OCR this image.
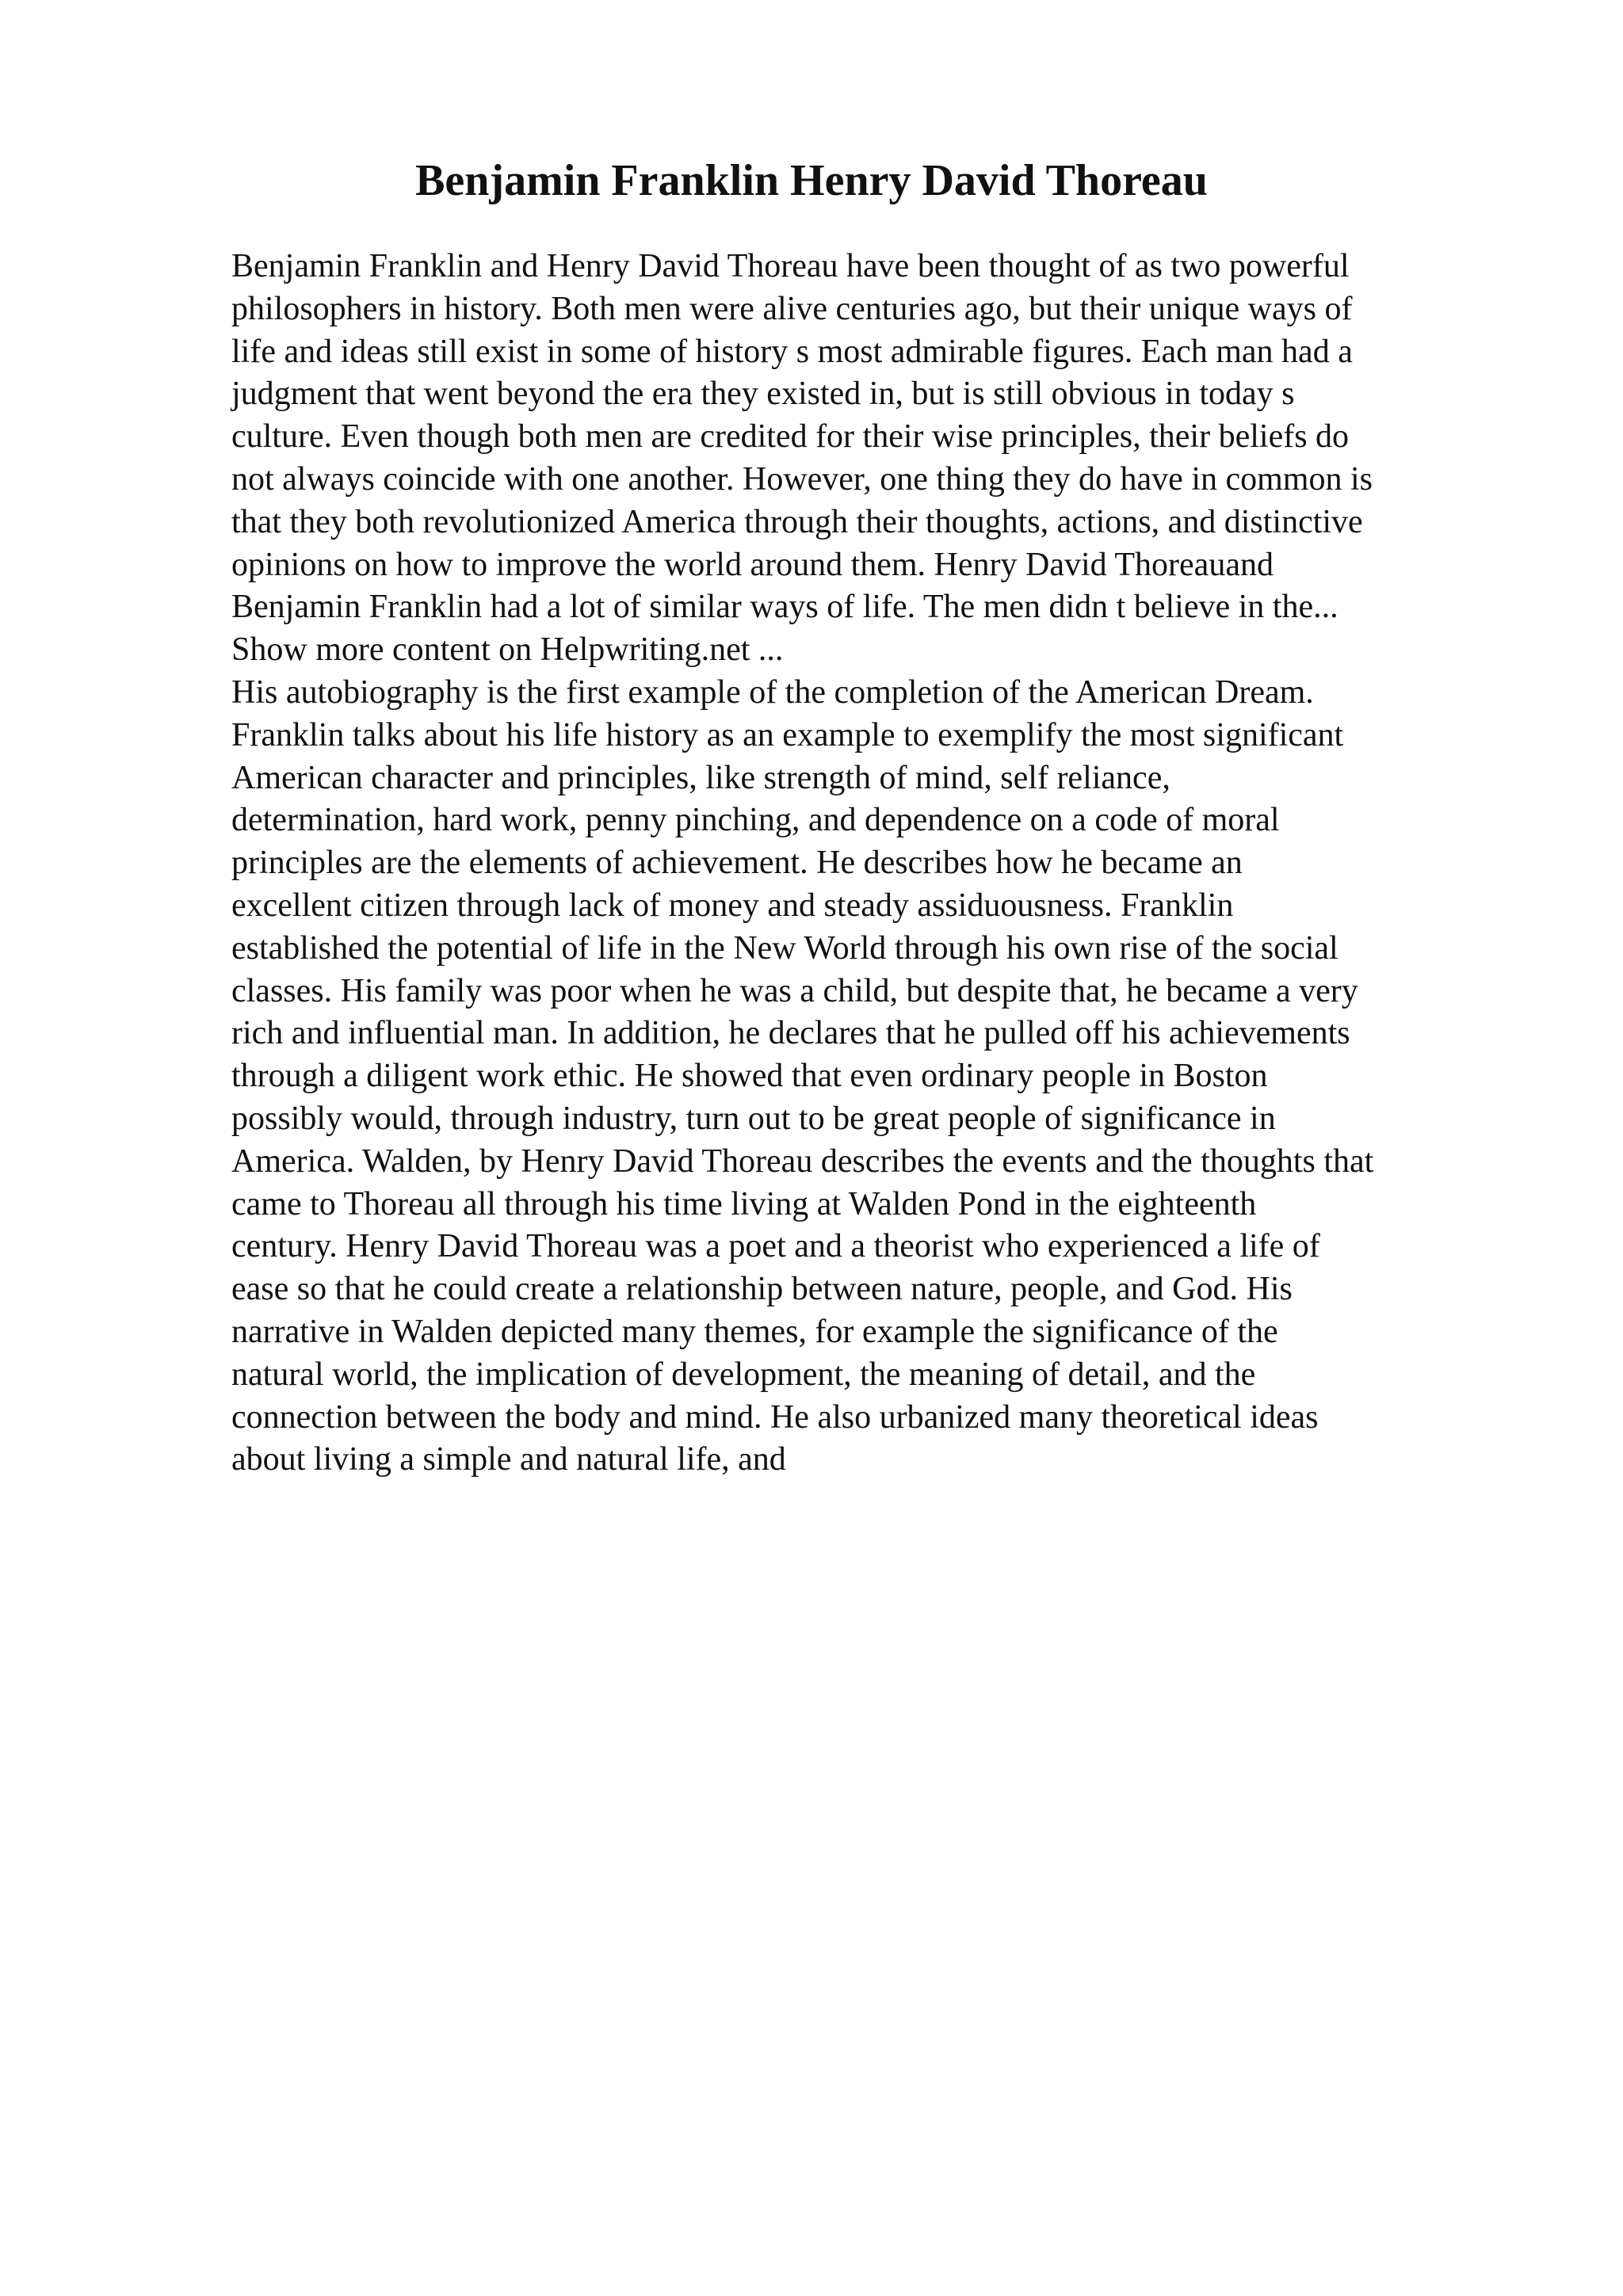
Benjamin Franklin Henry David Thoreau
Benjamin Franklin and Henry David Thoreau have been thought of as two powerful
philosophers in history. Both men were alive centuries ago, but their unique ways of
life and ideas still exist in some of history s most admirable figures. Each man had a
judgment that went beyond the era they existed in, but is still obvious in today s
culture. Even though both men are credited for their wise principles, their beliefs do
not always coincide with one another. However, one thing they do have in common is
that they both revolutionized America through their thoughts, actions, and distinctive
opinions on how to improve the world around them. Henry David Thoreauand
Benjamin Franklin had a lot of similar ways of life. The men didn t believe in the...
Show more content on Helpwriting.net ...
His autobiography is the first example of the completion of the American Dream.
Franklin talks about his life history as an example to exemplify the most significant
American character and principles, like strength of mind, self reliance,
determination, hard work, penny pinching, and dependence on a code of moral
principles are the elements of achievement. He describes how he became an
excellent citizen through lack of money and steady assiduousness. Franklin
established the potential of life in the New World through his own rise of the social
classes. His family was poor when he was a child, but despite that, he became a very
rich and influential man. In addition, he declares that he pulled off his achievements
through a diligent work ethic. He showed that even ordinary people in Boston
possibly would, through industry, turn out to be great people of significance in
America. Walden, by Henry David Thoreau describes the events and the thoughts that
came to Thoreau all through his time living at Walden Pond in the eighteenth
century. Henry David Thoreau was a poet and a theorist who experienced a life of
ease so that he could create a relationship between nature, people, and God. His
narrative in Walden depicted many themes, for example the significance of the
natural world, the implication of development, the meaning of detail, and the
connection between the body and mind. He also urbanized many theoretical ideas
about living a simple and natural life, and
